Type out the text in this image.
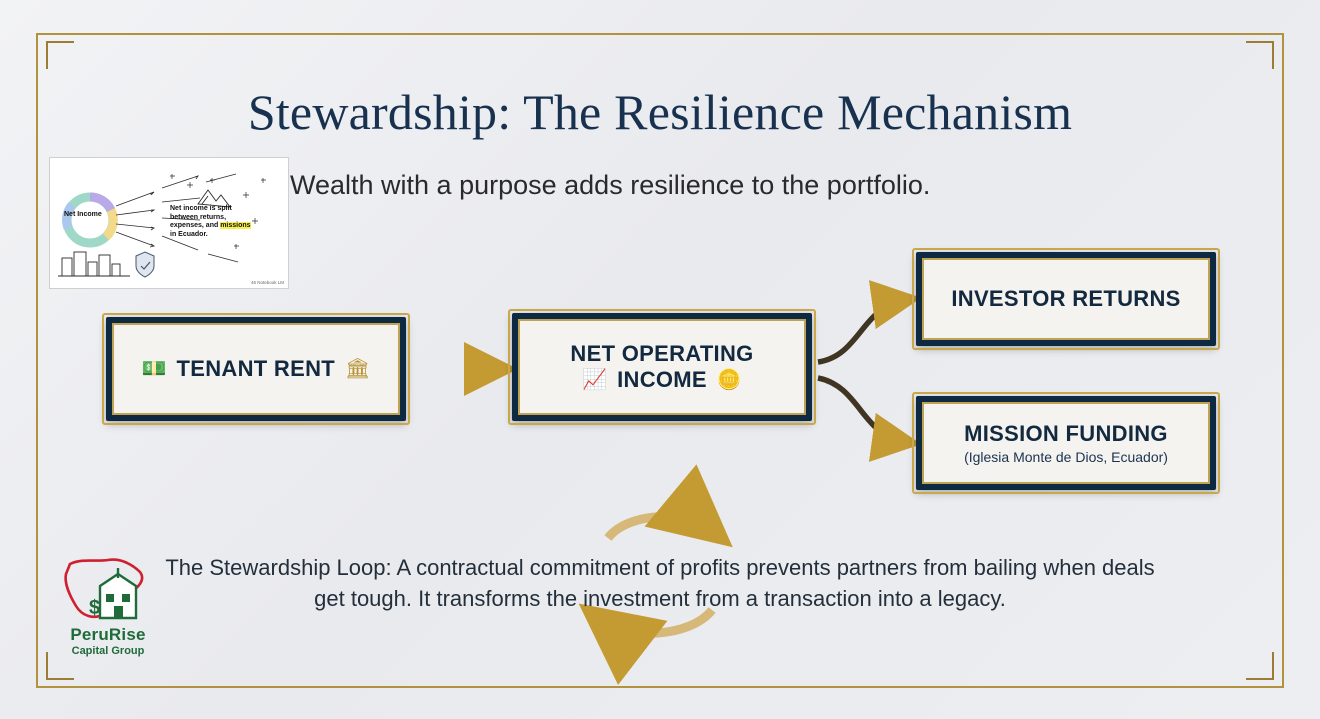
Stewardship: The Resilience Mechanism
Wealth with a purpose adds resilience to the portfolio.
Net Income
Net income is split
between returns,
expenses, and missions
in Ecuador.
46 Notebook LM
💵 TENANT RENT 🏛
NET OPERATING
📈 INCOME 🪙
INVESTOR RETURNS
MISSION FUNDING
(Iglesia Monte de Dios, Ecuador)
The Stewardship Loop: A contractual commitment of profits prevents partners from bailing when deals get tough. It transforms the investment from a transaction into a legacy.
$
PeruRise
Capital Group
